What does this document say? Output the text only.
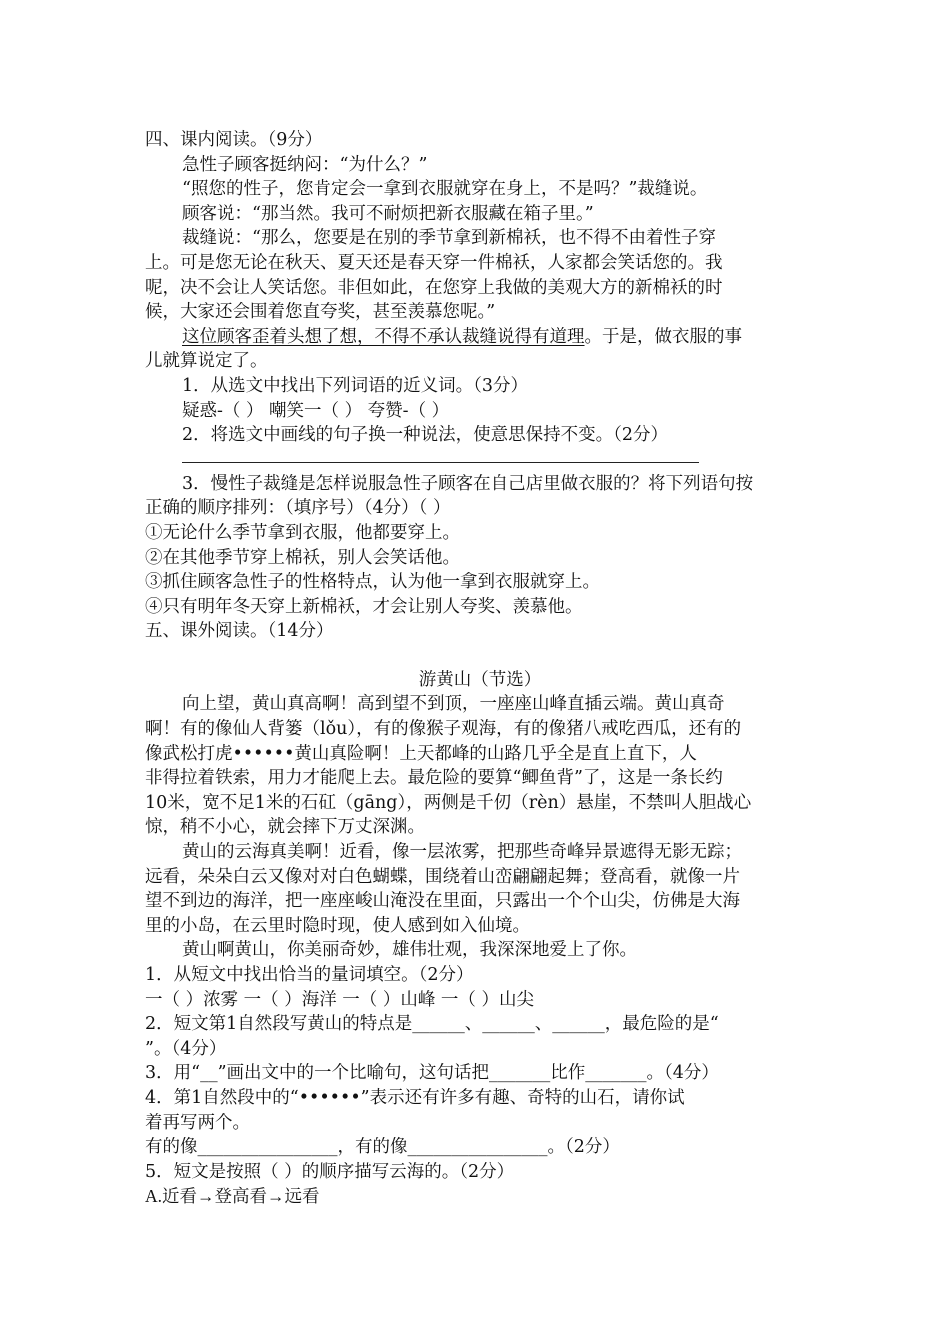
四、课内阅读。（9分）
急性子顾客挺纳闷：“为什么？”
“照您的性子，您肯定会一拿到衣服就穿在身上，不是吗？”裁缝说。
顾客说：“那当然。我可不耐烦把新衣服藏在箱子里。”
裁缝说：“那么，您要是在别的季节拿到新棉袄，也不得不由着性子穿
上。可是您无论在秋天、夏天还是春天穿一件棉袄，人家都会笑话您的。我
呢，决不会让人笑话您。非但如此，在您穿上我做的美观大方的新棉袄的时
候，大家还会围着您直夸奖，甚至羡慕您呢。”
这位顾客歪着头想了想，不得不承认裁缝说得有道理。于是，做衣服的事
儿就算说定了。
1．从选文中找出下列词语的近义词。（3分）
疑惑-（ ） 嘲笑一（ ） 夸赞-（ ）
2．将选文中画线的句子换一种说法，使意思保持不变。（2分）
3．慢性子裁缝是怎样说服急性子顾客在自己店里做衣服的？将下列语句按
正确的顺序排列：（填序号）（4分）（ ）
①无论什么季节拿到衣服，他都要穿上。
②在其他季节穿上棉袄，别人会笑话他。
③抓住顾客急性子的性格特点，认为他一拿到衣服就穿上。
④只有明年冬天穿上新棉袄，才会让别人夸奖、羡慕他。
五、课外阅读。（14分）
游黄山（节选）
向上望，黄山真高啊！高到望不到顶，一座座山峰直插云端。黄山真奇
啊！有的像仙人背篓（lǒu），有的像猴子观海，有的像猪八戒吃西瓜，还有的
像武松打虎••••••黄山真险啊！上天都峰的山路几乎全是直上直下，人
非得拉着铁索，用力才能爬上去。最危险的要算“鲫鱼背”了，这是一条长约
10米，宽不足1米的石矼（gāng），两侧是千仞（rèn）悬崖，不禁叫人胆战心
惊，稍不小心，就会摔下万丈深渊。
黄山的云海真美啊！近看，像一层浓雾，把那些奇峰异景遮得无影无踪；
远看，朵朵白云又像对对白色蝴蝶，围绕着山峦翩翩起舞；登高看，就像一片
望不到边的海洋，把一座座峻山淹没在里面，只露出一个个山尖，仿佛是大海
里的小岛，在云里时隐时现，使人感到如入仙境。
黄山啊黄山，你美丽奇妙，雄伟壮观，我深深地爱上了你。
1．从短文中找出恰当的量词填空。（2分）
一（ ）浓雾 一（ ）海洋 一（ ）山峰 一（ ）山尖
2．短文第1自然段写黄山的特点是______、______、______，最危险的是“
”。（4分）
3．用“__”画出文中的一个比喻句，这句话把_______比作_______。（4分）
4．第1自然段中的“••••••”表示还有许多有趣、奇特的山石，请你试
着再写两个。
有的像________________，有的像________________。（2分）
5．短文是按照（ ）的顺序描写云海的。（2分）
A.近看→登高看→远看
